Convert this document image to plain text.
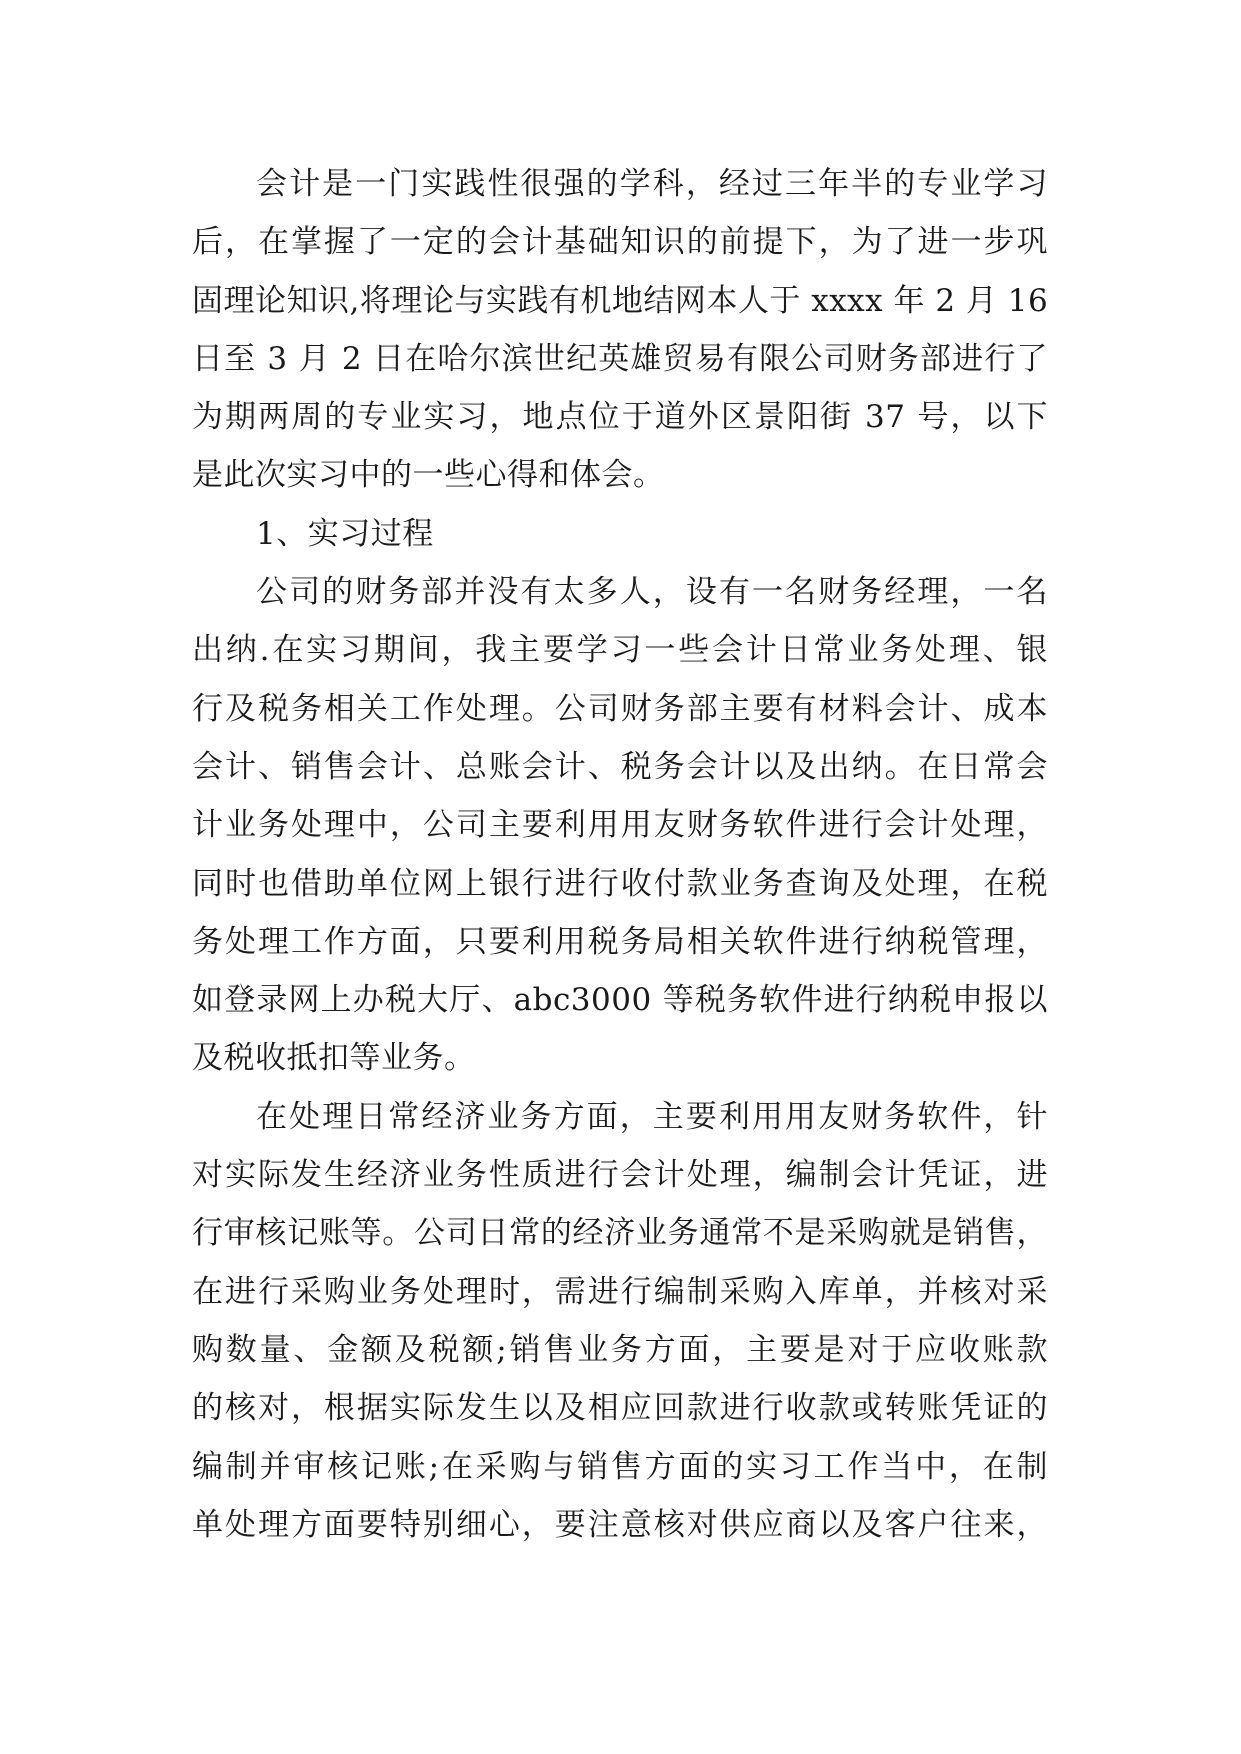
会计是一门实践性很强的学科，经过三年半的专业学习
后，在掌握了一定的会计基础知识的前提下，为了进一步巩
固理论知识,将理论与实践有机地结网本人于 xxxx 年 2 月 16
日至 3 月 2 日在哈尔滨世纪英雄贸易有限公司财务部进行了
为期两周的专业实习，地点位于道外区景阳街 37 号，以下
是此次实习中的一些心得和体会。
1、实习过程
公司的财务部并没有太多人，设有一名财务经理，一名
出纳.在实习期间，我主要学习一些会计日常业务处理、银
行及税务相关工作处理。公司财务部主要有材料会计、成本
会计、销售会计、总账会计、税务会计以及出纳。在日常会
计业务处理中，公司主要利用用友财务软件进行会计处理，
同时也借助单位网上银行进行收付款业务查询及处理，在税
务处理工作方面，只要利用税务局相关软件进行纳税管理，
如登录网上办税大厅、abc3000 等税务软件进行纳税申报以
及税收抵扣等业务。
在处理日常经济业务方面，主要利用用友财务软件，针
对实际发生经济业务性质进行会计处理，编制会计凭证，进
行审核记账等。公司日常的经济业务通常不是采购就是销售，
在进行采购业务处理时，需进行编制采购入库单，并核对采
购数量、金额及税额;销售业务方面，主要是对于应收账款
的核对，根据实际发生以及相应回款进行收款或转账凭证的
编制并审核记账;在采购与销售方面的实习工作当中，在制
单处理方面要特别细心，要注意核对供应商以及客户往来，
